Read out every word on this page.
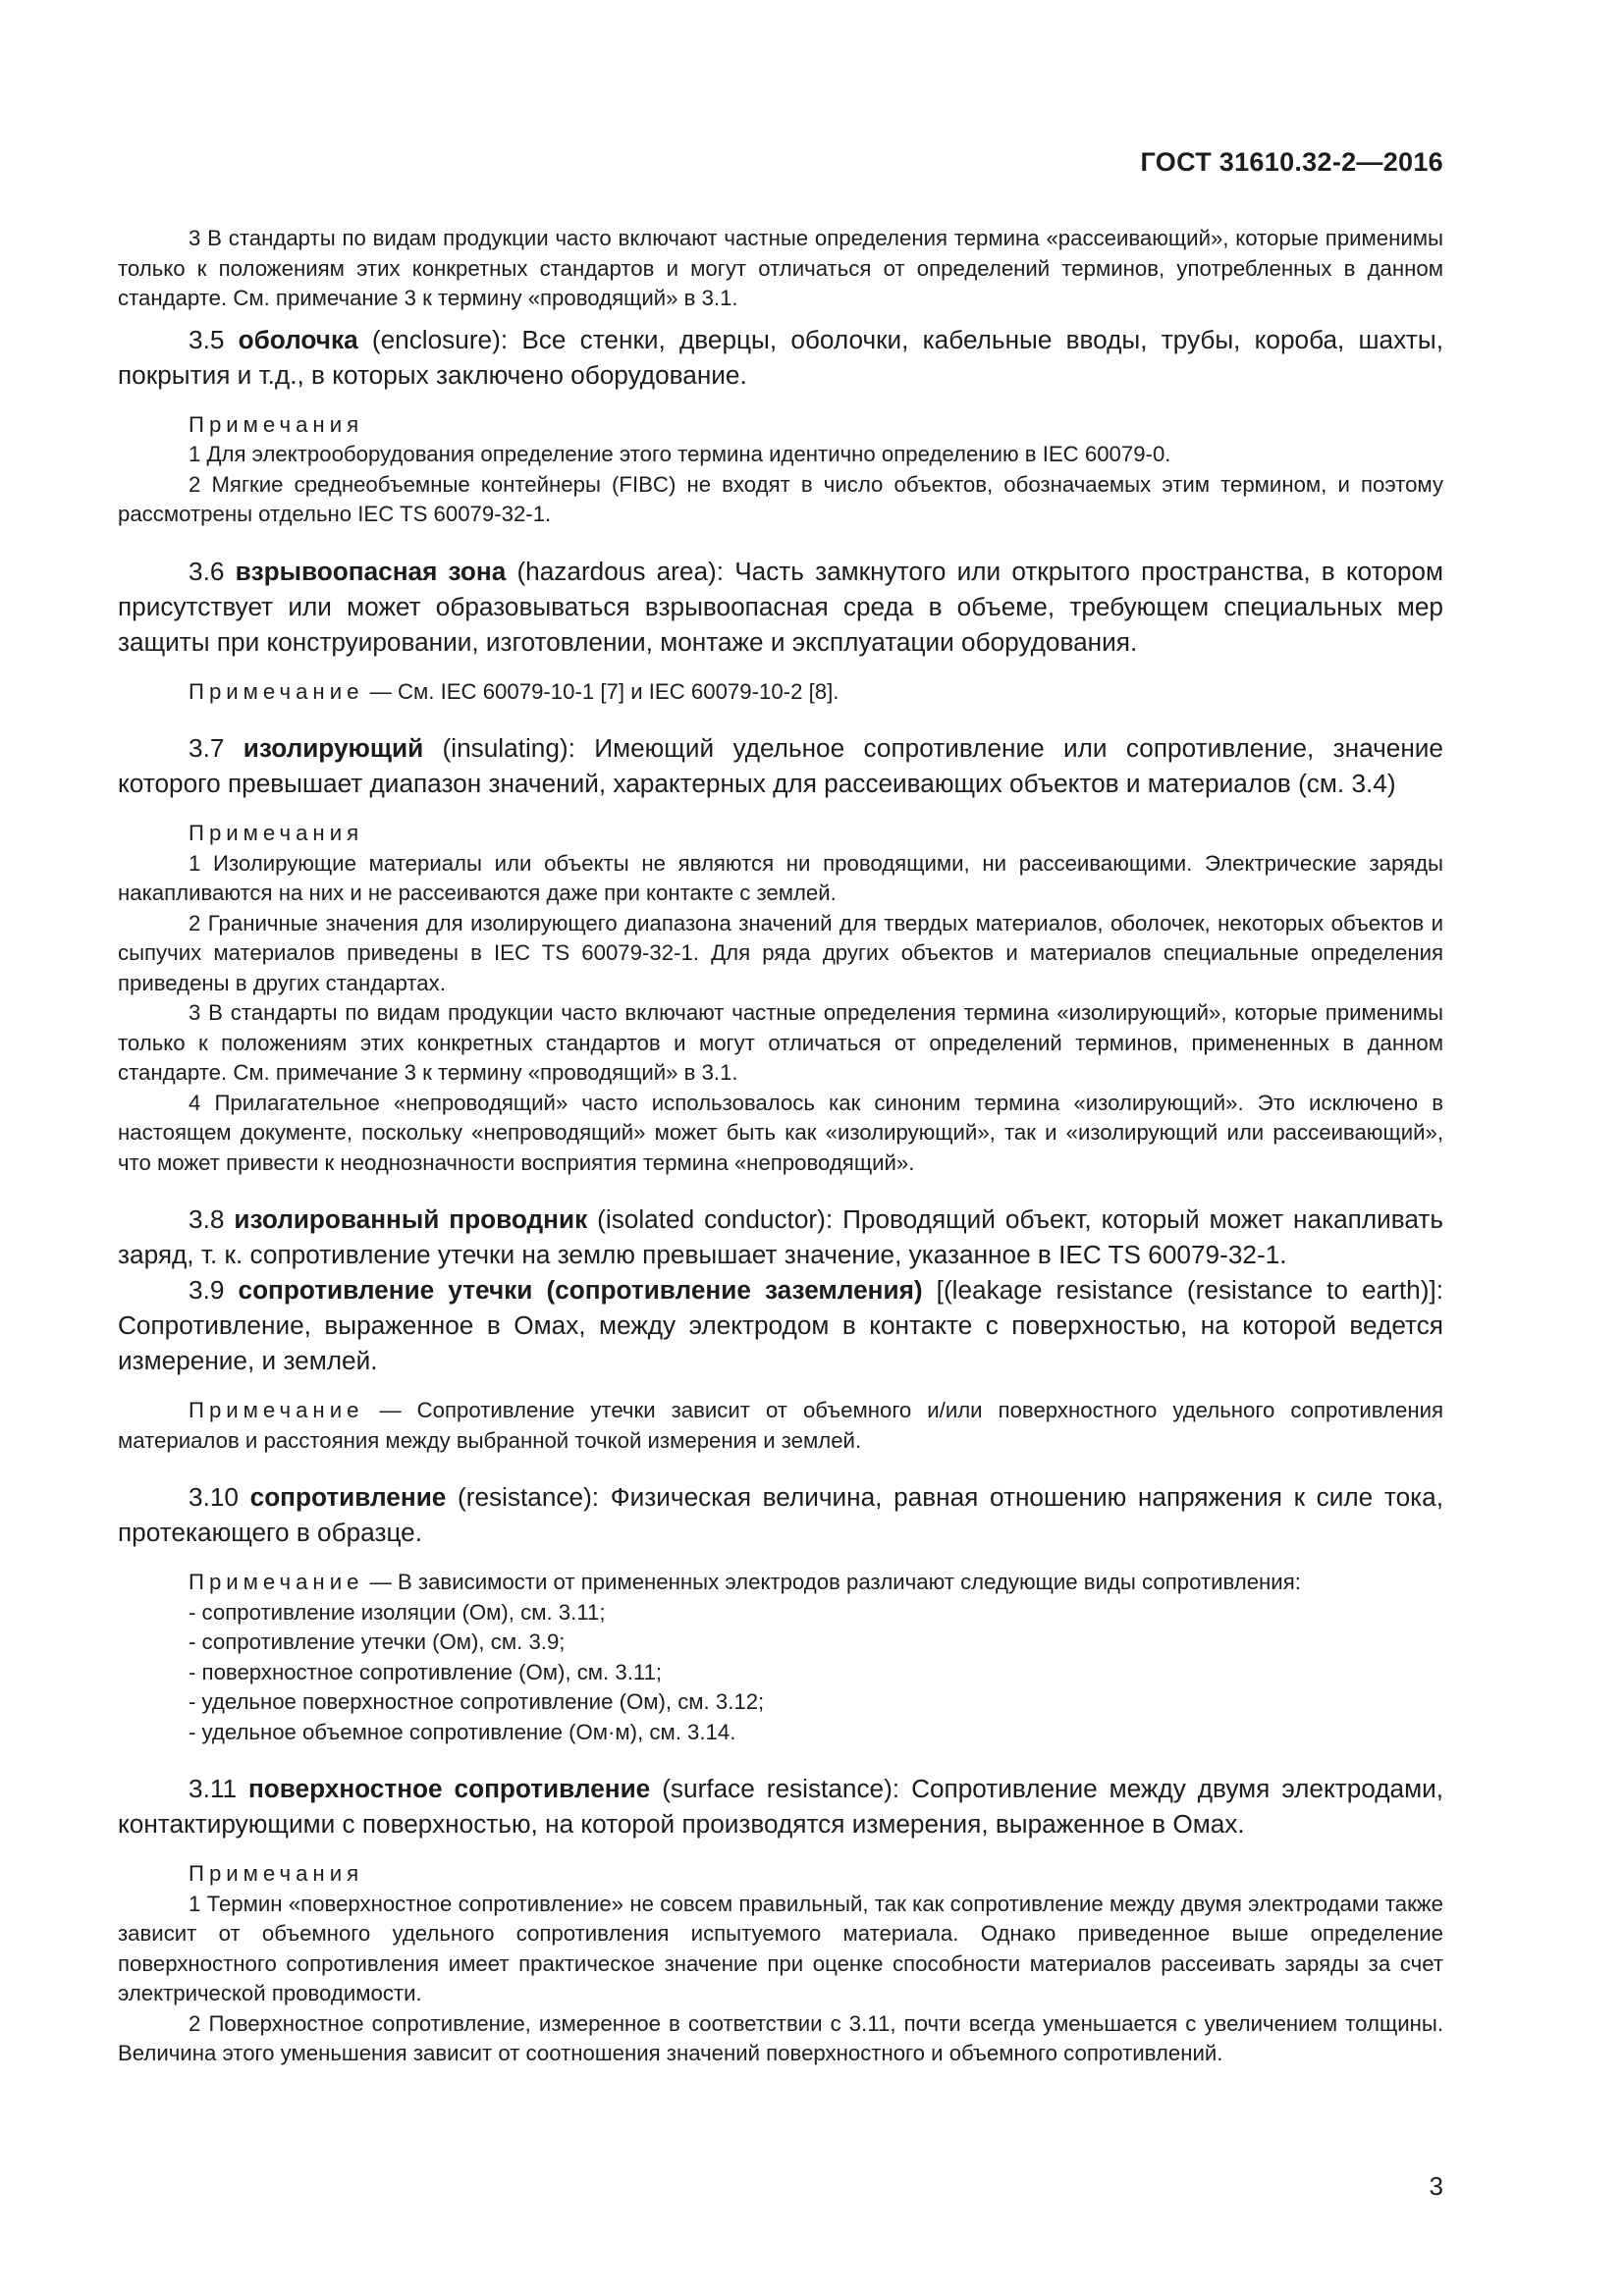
ГОСТ 31610.32-2—2016

3 В стандарты по видам продукции часто включают частные определения термина «рассеивающий», которые применимы только к положениям этих конкретных стандартов и могут отличаться от определений терминов, употребленных в данном стандарте. См. примечание 3 к термину «проводящий» в 3.1.

3.5 оболочка (enclosure): Все стенки, дверцы, оболочки, кабельные вводы, трубы, короба, шахты, покрытия и т.д., в которых заключено оборудование.

Примечания

1 Для электрооборудования определение этого термина идентично определению в IEC 60079-0.

2 Мягкие среднеобъемные контейнеры (FIBC) не входят в число объектов, обозначаемых этим термином, и поэтому рассмотрены отдельно IEC TS 60079-32-1.

3.6 взрывоопасная зона (hazardous area): Часть замкнутого или открытого пространства, в котором присутствует или может образовываться взрывоопасная среда в объеме, требующем специальных мер защиты при конструировании, изготовлении, монтаже и эксплуатации оборудования.

Примечание — См. IEC 60079-10-1 [7] и IEC 60079-10-2 [8].

3.7 изолирующий (insulating): Имеющий удельное сопротивление или сопротивление, значение которого превышает диапазон значений, характерных для рассеивающих объектов и материалов (см. 3.4)

Примечания

1 Изолирующие материалы или объекты не являются ни проводящими, ни рассеивающими. Электрические заряды накапливаются на них и не рассеиваются даже при контакте с землей.

2 Граничные значения для изолирующего диапазона значений для твердых материалов, оболочек, некоторых объектов и сыпучих материалов приведены в IEC TS 60079-32-1. Для ряда других объектов и материалов специальные определения приведены в других стандартах.

3 В стандарты по видам продукции часто включают частные определения термина «изолирующий», которые применимы только к положениям этих конкретных стандартов и могут отличаться от определений терминов, примененных в данном стандарте. См. примечание 3 к термину «проводящий» в 3.1.

4 Прилагательное «непроводящий» часто использовалось как синоним термина «изолирующий». Это исключено в настоящем документе, поскольку «непроводящий» может быть как «изолирующий», так и «изолирующий или рассеивающий», что может привести к неоднозначности восприятия термина «непроводящий».

3.8 изолированный проводник (isolated conductor): Проводящий объект, который может накапливать заряд, т. к. сопротивление утечки на землю превышает значение, указанное в IEC TS 60079-32-1.

3.9 сопротивление утечки (сопротивление заземления) [(leakage resistance (resistance to earth)]: Сопротивление, выраженное в Омах, между электродом в контакте с поверхностью, на которой ведется измерение, и землей.

Примечание — Сопротивление утечки зависит от объемного и/или поверхностного удельного сопротивления материалов и расстояния между выбранной точкой измерения и землей.

3.10 сопротивление (resistance): Физическая величина, равная отношению напряжения к силе тока, протекающего в образце.

Примечание — В зависимости от примененных электродов различают следующие виды сопротивления:

- сопротивление изоляции (Ом), см. 3.11;

- сопротивление утечки (Ом), см. 3.9;

- поверхностное сопротивление (Ом), см. 3.11;

- удельное поверхностное сопротивление (Ом), см. 3.12;

- удельное объемное сопротивление (Ом·м), см. 3.14.

3.11 поверхностное сопротивление (surface resistance): Сопротивление между двумя электродами, контактирующими с поверхностью, на которой производятся измерения, выраженное в Омах.

Примечания

1 Термин «поверхностное сопротивление» не совсем правильный, так как сопротивление между двумя электродами также зависит от объемного удельного сопротивления испытуемого материала. Однако приведенное выше определение поверхностного сопротивления имеет практическое значение при оценке способности материалов рассеивать заряды за счет электрической проводимости.

2 Поверхностное сопротивление, измеренное в соответствии с 3.11, почти всегда уменьшается с увеличением толщины. Величина этого уменьшения зависит от соотношения значений поверхностного и объемного сопротивлений.

3
